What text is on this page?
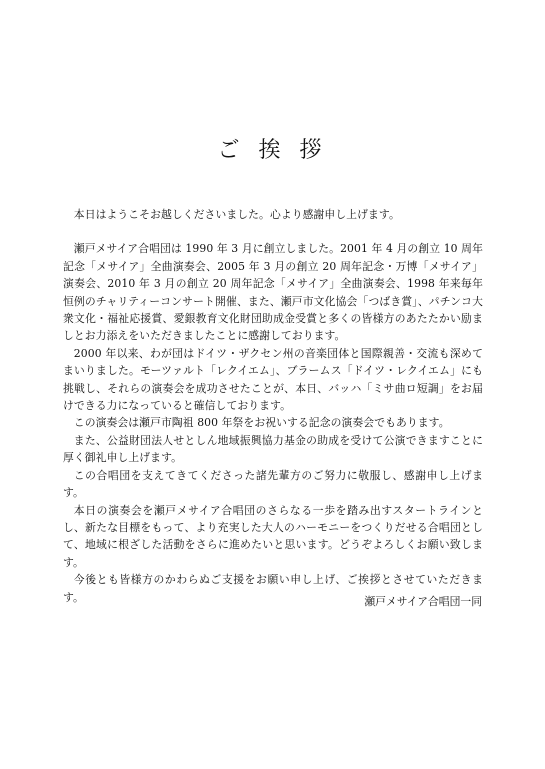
ご 挨 拶

本日はようこそお越しくださいました。心より感謝申し上げます。

瀬戸メサイア合唱団は 1990 年 3 月に創立しました。2001 年 4 月の創立 10 周年記念「メサイア」全曲演奏会、2005 年 3 月の創立 20 周年記念・万博「メサイア」演奏会、2010 年 3 月の創立 20 周年記念「メサイア」全曲演奏会、1998 年来毎年恒例のチャリティーコンサート開催、また、瀬戸市文化協会「つばき賞」、パチンコ大衆文化・福祉応援賞、愛銀教育文化財団助成金受賞と多くの皆様方のあたたかい励ましとお力添えをいただきましたことに感謝しております。

2000 年以来、わが団はドイツ・ザクセン州の音楽団体と国際親善・交流も深めてまいりました。モーツァルト「レクイエム」、ブラームス「ドイツ・レクイエム」にも挑戦し、それらの演奏会を成功させたことが、本日、バッハ「ミサ曲ロ短調」をお届けできる力になっていると確信しております。

この演奏会は瀬戸市陶祖 800 年祭をお祝いする記念の演奏会でもあります。

また、公益財団法人せとしん地域振興協力基金の助成を受けて公演できますことに厚く御礼申し上げます。

この合唱団を支えてきてくださった諸先輩方のご努力に敬服し、感謝申し上げます。

本日の演奏会を瀬戸メサイア合唱団のさらなる一歩を踏み出すスタートラインとし、新たな目標をもって、より充実した大人のハーモニーをつくりだせる合唱団として、地域に根ざした活動をさらに進めたいと思います。どうぞよろしくお願い致します。

今後とも皆様方のかわらぬご支援をお願い申し上げ、ご挨拶とさせていただきます。	瀬戸メサイア合唱団一同
